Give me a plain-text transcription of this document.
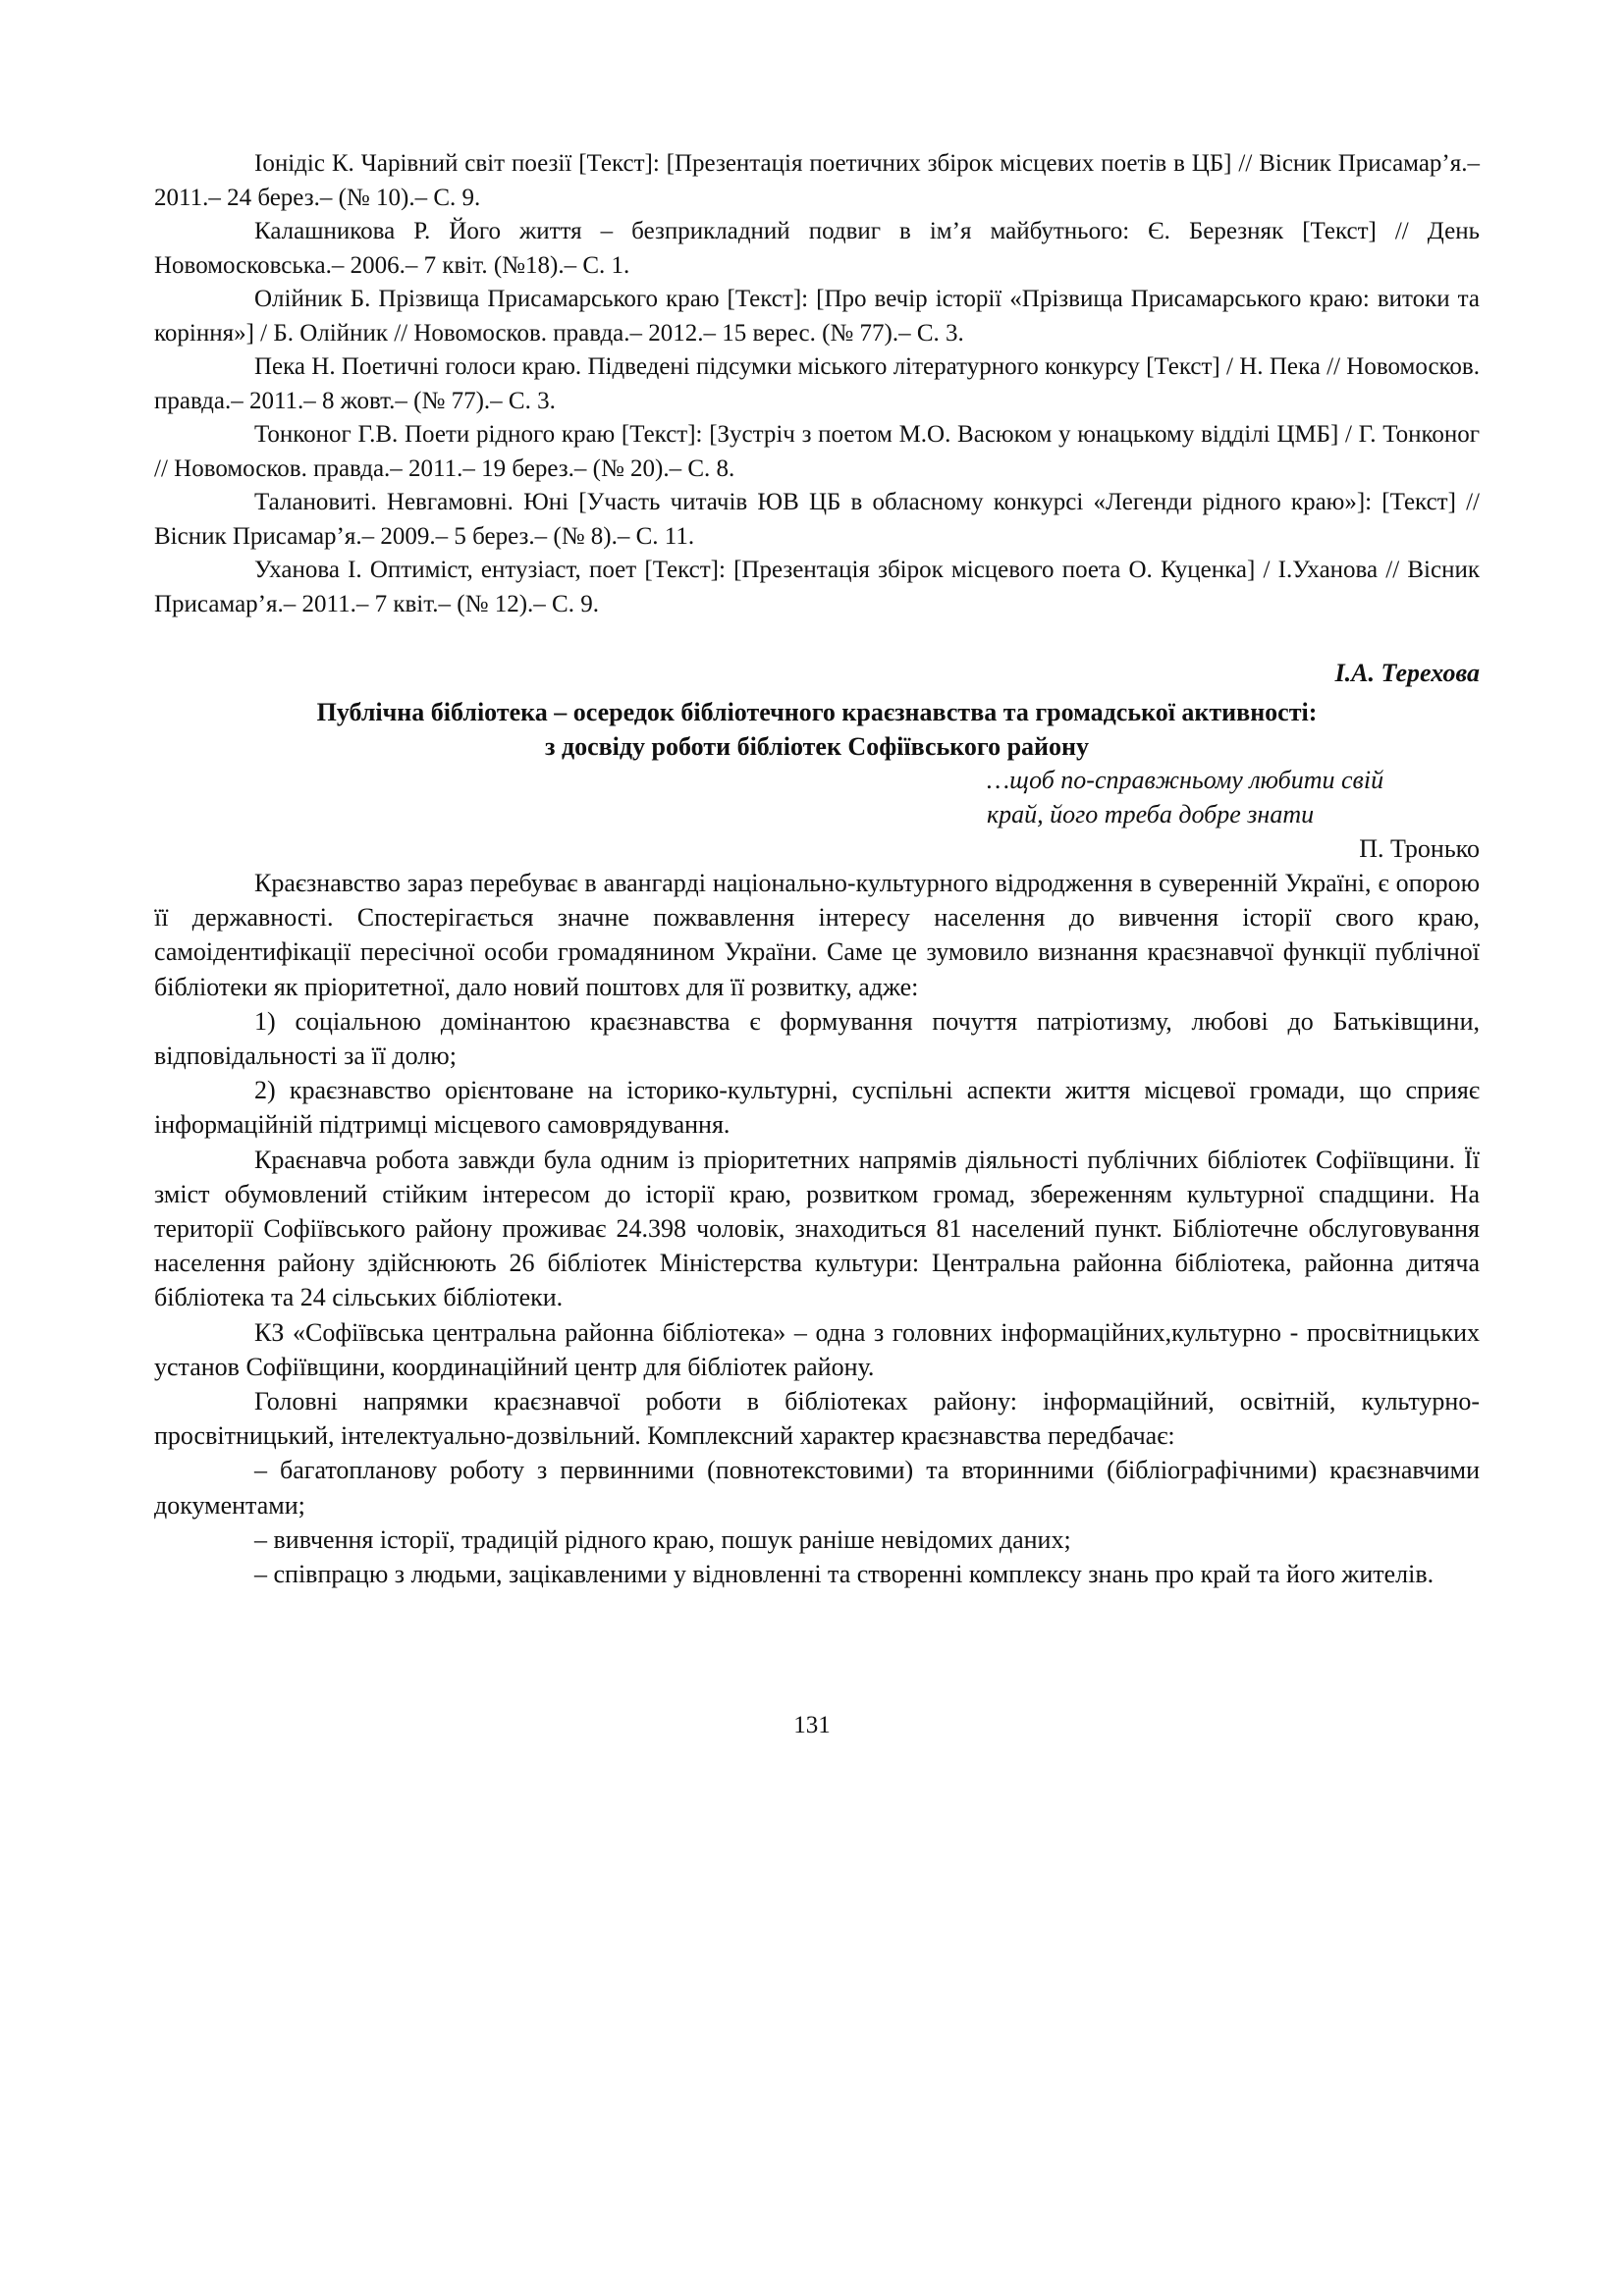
Іонідіс К. Чарівний світ поезії [Текст]: [Презентація поетичних збірок місцевих поетів в ЦБ] // Вісник Присамар’я.– 2011.– 24 берез.– (№ 10).– С. 9.

Калашникова Р. Його життя – безприкладний подвиг в ім’я майбутнього: Є. Березняк [Текст] // День Новомосковська.– 2006.– 7 квіт. (№18).– С. 1.

Олійник Б. Прізвища Присамарського краю [Текст]: [Про вечір історії «Прізвища Присамарського краю: витоки та коріння»] / Б. Олійник // Новомосков. правда.– 2012.– 15 верес. (№ 77).– С. 3.

Пека Н. Поетичні голоси краю. Підведені підсумки міського літературного конкурсу [Текст] / Н. Пека // Новомосков. правда.– 2011.– 8 жовт.– (№ 77).– С. 3.

Тонконог Г.В. Поети рідного краю [Текст]: [Зустріч з поетом М.О. Васюком у юнацькому відділі ЦМБ] / Г. Тонконог // Новомосков. правда.– 2011.– 19 берез.– (№ 20).– С. 8.

Талановиті. Невгамовні. Юні [Участь читачів ЮВ ЦБ в обласному конкурсі «Легенди рідного краю»]: [Текст] // Вісник Присамар’я.– 2009.– 5 берез.– (№ 8).– С. 11.

Уханова І. Оптиміст, ентузіаст, поет [Текст]: [Презентація збірок місцевого поета О. Куценка] / І.Уханова // Вісник Присамар’я.– 2011.– 7 квіт.– (№ 12).– С. 9.

І.А. Терехова

Публічна бібліотека – осередок бібліотечного краєзнавства та громадської активності:
з досвіду роботи бібліотек Софіївського району
…щоб по-справжньому любити свій
край, його треба добре знати
П. Тронько

Краєзнавство зараз перебуває в авангарді національно-культурного відродження в суверенній Україні, є опорою її державності. Спостерігається значне пожвавлення інтересу населення до вивчення історії свого краю, самоідентифікації пересічної особи громадянином України. Саме це зумовило визнання краєзнавчої функції публічної бібліотеки як пріоритетної, дало новий поштовх для її розвитку, адже:

1) соціальною домінантою краєзнавства є формування почуття патріотизму, любові до Батьківщини, відповідальності за її долю;

2) краєзнавство орієнтоване на історико-культурні, суспільні аспекти життя місцевої громади, що сприяє інформаційній підтримці місцевого самоврядування.

Краєнавча робота завжди була одним із пріоритетних напрямів діяльності публічних бібліотек Софіївщини. Її зміст обумовлений стійким інтересом до історії краю, розвитком громад, збереженням культурної спадщини. На території Софіївського району проживає 24.398 чоловік, знаходиться 81 населений пункт. Бібліотечне обслуговування населення району здійснюють 26 бібліотек Міністерства культури: Центральна районна бібліотека, районна дитяча бібліотека та 24 сільських бібліотеки.

КЗ «Софіївська центральна районна бібліотека» – одна з головних інформаційних,культурно - просвітницьких установ Софіївщини, координаційний центр для бібліотек району.

Головні напрямки краєзнавчої роботи в бібліотеках району: інформаційний, освітній, культурно-просвітницький, інтелектуально-дозвільний. Комплексний характер краєзнавства передбачає:

– багатопланову роботу з первинними (повнотекстовими) та вторинними (бібліографічними) краєзнавчими документами;

– вивчення історії, традицій рідного краю, пошук раніше невідомих даних;

– співпрацю з людьми, зацікавленими у відновленні та створенні комплексу знань про край та його жителів.

131
